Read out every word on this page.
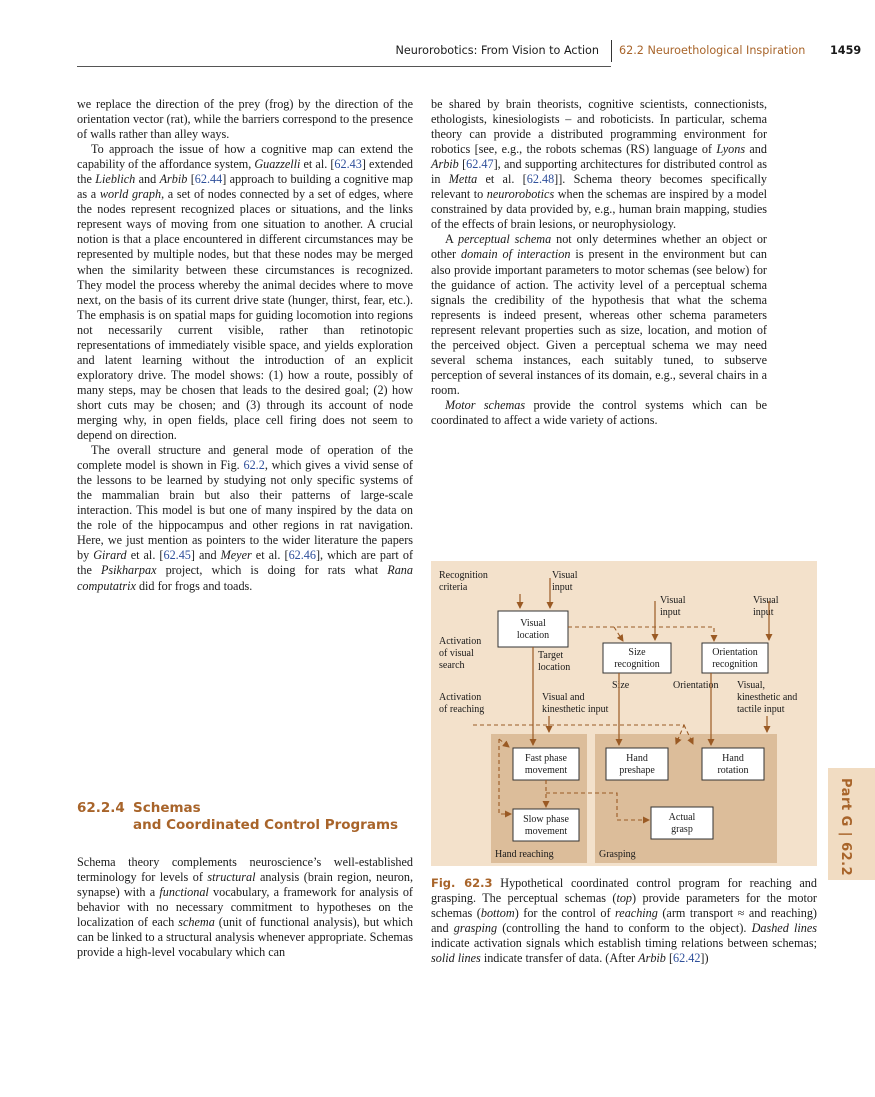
Neurorobotics: From Vision to Action 62.2 Neuroethological Inspiration 1459

we replace the direction of the prey (frog) by the direction of the orientation vector (rat), while the barriers correspond to the presence of walls rather than alley ways.

To approach the issue of how a cognitive map can extend the capability of the affordance system, Guazzelli et al. [62.43] extended the Lieblich and Arbib [62.44] approach to building a cognitive map as a world graph, a set of nodes connected by a set of edges, where the nodes represent recognized places or situations, and the links represent ways of moving from one situation to another. A crucial notion is that a place encountered in different circumstances may be represented by multiple nodes, but that these nodes may be merged when the similarity between these circumstances is recognized. They model the process whereby the animal decides where to move next, on the basis of its current drive state (hunger, thirst, fear, etc.). The emphasis is on spatial maps for guiding locomotion into regions not necessarily current visible, rather than retinotopic representations of immediately visible space, and yields exploration and latent learning without the introduction of an explicit exploratory drive. The model shows: (1) how a route, possibly of many steps, may be chosen that leads to the desired goal; (2) how short cuts may be chosen; and (3) through its account of node merging why, in open fields, place cell firing does not seem to depend on direction.

The overall structure and general mode of operation of the complete model is shown in Fig. 62.2, which gives a vivid sense of the lessons to be learned by studying not only specific systems of the mammalian brain but also their patterns of large-scale interaction. This model is but one of many inspired by the data on the role of the hippocampus and other regions in rat navigation. Here, we just mention as pointers to the wider literature the papers by Girard et al. [62.45] and Meyer et al. [62.46], which are part of the Psikharpax project, which is doing for rats what Rana computatrix did for frogs and toads.

62.2.4 Schemas
and Coordinated Control Programs

Schema theory complements neuroscience’s well-established terminology for levels of structural analysis (brain region, neuron, synapse) with a functional vocabulary, a framework for analysis of behavior with no necessary commitment to hypotheses on the localization of each schema (unit of functional analysis), but which can be linked to a structural analysis whenever appropriate. Schemas provide a high-level vocabulary which can

be shared by brain theorists, cognitive scientists, connectionists, ethologists, kinesiologists – and roboticists. In particular, schema theory can provide a distributed programming environment for robotics [see, e.g., the robots schemas (RS) language of Lyons and Arbib [62.47], and supporting architectures for distributed control as in Metta et al. [62.48]]. Schema theory becomes specifically relevant to neurorobotics when the schemas are inspired by a model constrained by data provided by, e.g., human brain mapping, studies of the effects of brain lesions, or neurophysiology.

A perceptual schema not only determines whether an object or other domain of interaction is present in the environment but can also provide important parameters to motor schemas (see below) for the guidance of action. The activity level of a perceptual schema signals the credibility of the hypothesis that what the schema represents is indeed present, whereas other schema parameters represent relevant properties such as size, location, and motion of the perceived object. Given a perceptual schema we may need several schema instances, each suitably tuned, to subserve perception of several instances of its domain, e.g., several chairs in a room.

Motor schemas provide the control systems which can be coordinated to affect a wide variety of actions.

Recognition
criteria
Visual
input
Visual
input
Visual
input
Visual
location
Size
recognition
Orientation
recognition
Activation
of visual
search
Target
location
Size	Orientation Visual,
kinesthetic and
tactile input
Activation
of reaching
Visual and
kinesthetic input
Fast phase
movement
Hand
preshape
Hand
rotation
Slow phase
movement
Actual
grasp
Hand reaching	Grasping
Fig. 62.3 Hypothetical coordinated control program for reaching and grasping. The perceptual schemas (top) provide parameters for the motor schemas (bottom) for the control of reaching (arm transport ≈ and reaching) and grasping (controlling the hand to conform to the object). Dashed lines indicate activation signals which establish timing relations between schemas; solid lines indicate transfer of data. (After Arbib [62.42])
Part G | 62.2
